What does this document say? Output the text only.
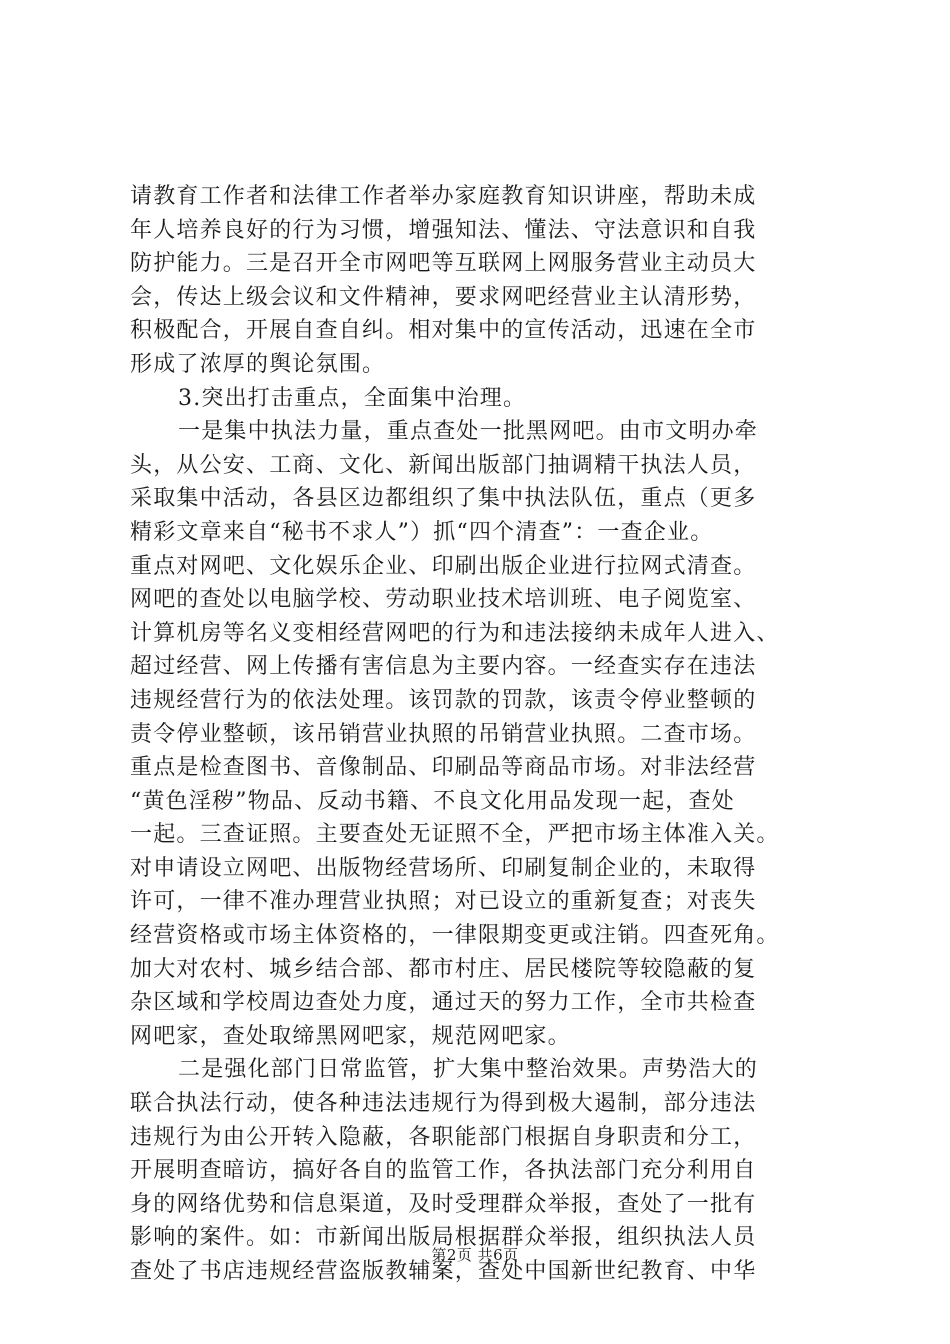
请教育工作者和法律工作者举办家庭教育知识讲座，帮助未成
年人培养良好的行为习惯，增强知法、懂法、守法意识和自我
防护能力。三是召开全市网吧等互联网上网服务营业主动员大
会，传达上级会议和文件精神，要求网吧经营业主认清形势，
积极配合，开展自查自纠。相对集中的宣传活动，迅速在全市
形成了浓厚的舆论氛围。
3.突出打击重点，全面集中治理。
一是集中执法力量，重点查处一批黑网吧。由市文明办牵
头，从公安、工商、文化、新闻出版部门抽调精干执法人员，
采取集中活动，各县区边都组织了集中执法队伍，重点（更多
精彩文章来自“秘书不求人”）抓“四个清查”：一查企业。
重点对网吧、文化娱乐企业、印刷出版企业进行拉网式清查。
网吧的查处以电脑学校、劳动职业技术培训班、电子阅览室、
计算机房等名义变相经营网吧的行为和违法接纳未成年人进入、
超过经营、网上传播有害信息为主要内容。一经查实存在违法
违规经营行为的依法处理。该罚款的罚款，该责令停业整顿的
责令停业整顿，该吊销营业执照的吊销营业执照。二查市场。
重点是检查图书、音像制品、印刷品等商品市场。对非法经营
“黄色淫秽”物品、反动书籍、不良文化用品发现一起，查处
一起。三查证照。主要查处无证照不全，严把市场主体准入关。
对申请设立网吧、出版物经营场所、印刷复制企业的，未取得
许可，一律不准办理营业执照；对已设立的重新复查；对丧失
经营资格或市场主体资格的，一律限期变更或注销。四查死角。
加大对农村、城乡结合部、都市村庄、居民楼院等较隐蔽的复
杂区域和学校周边查处力度，通过天的努力工作，全市共检查
网吧家，查处取缔黑网吧家，规范网吧家。
二是强化部门日常监管，扩大集中整治效果。声势浩大的
联合执法行动，使各种违法违规行为得到极大遏制，部分违法
违规行为由公开转入隐蔽，各职能部门根据自身职责和分工，
开展明查暗访，搞好各自的监管工作，各执法部门充分利用自
身的网络优势和信息渠道，及时受理群众举报，查处了一批有
影响的案件。如：市新闻出版局根据群众举报，组织执法人员
查处了书店违规经营盗版教辅案，查处中国新世纪教育、中华
第2页 共6页
